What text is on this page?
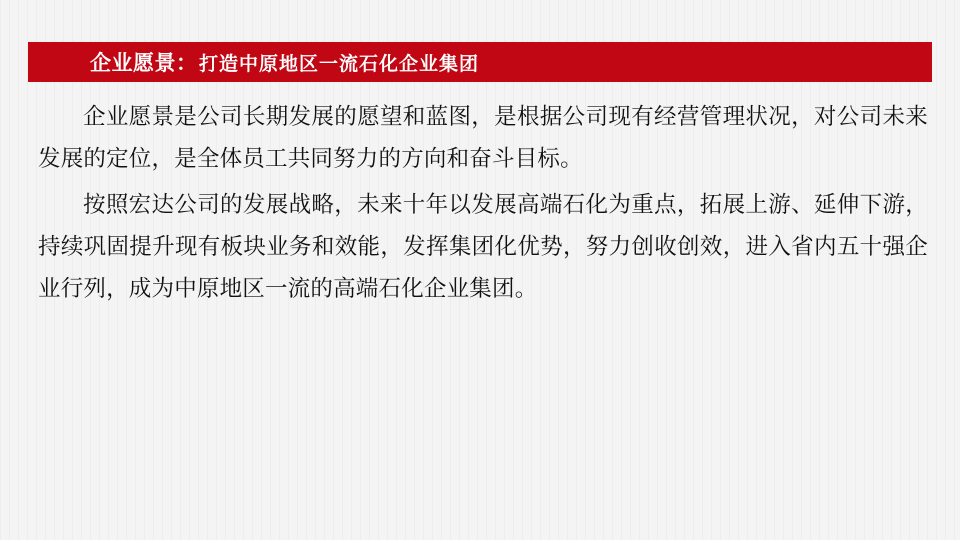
企业愿景 ： 打造中原地区一流石化企业集团

企业愿景是公司长期发展的愿望和蓝图，是根据公司现有经营管理状况，对公司未来发展的定位，是全体员工共同努力的方向和奋斗目标。

按照宏达公司的发展战略，未来十年以发展高端石化为重点，拓展上游、延伸下游，持续巩固提升现有板块业务和效能，发挥集团化优势，努力创收创效，进入省内五十强企业行列，成为中原地区一流的高端石化企业集团。
